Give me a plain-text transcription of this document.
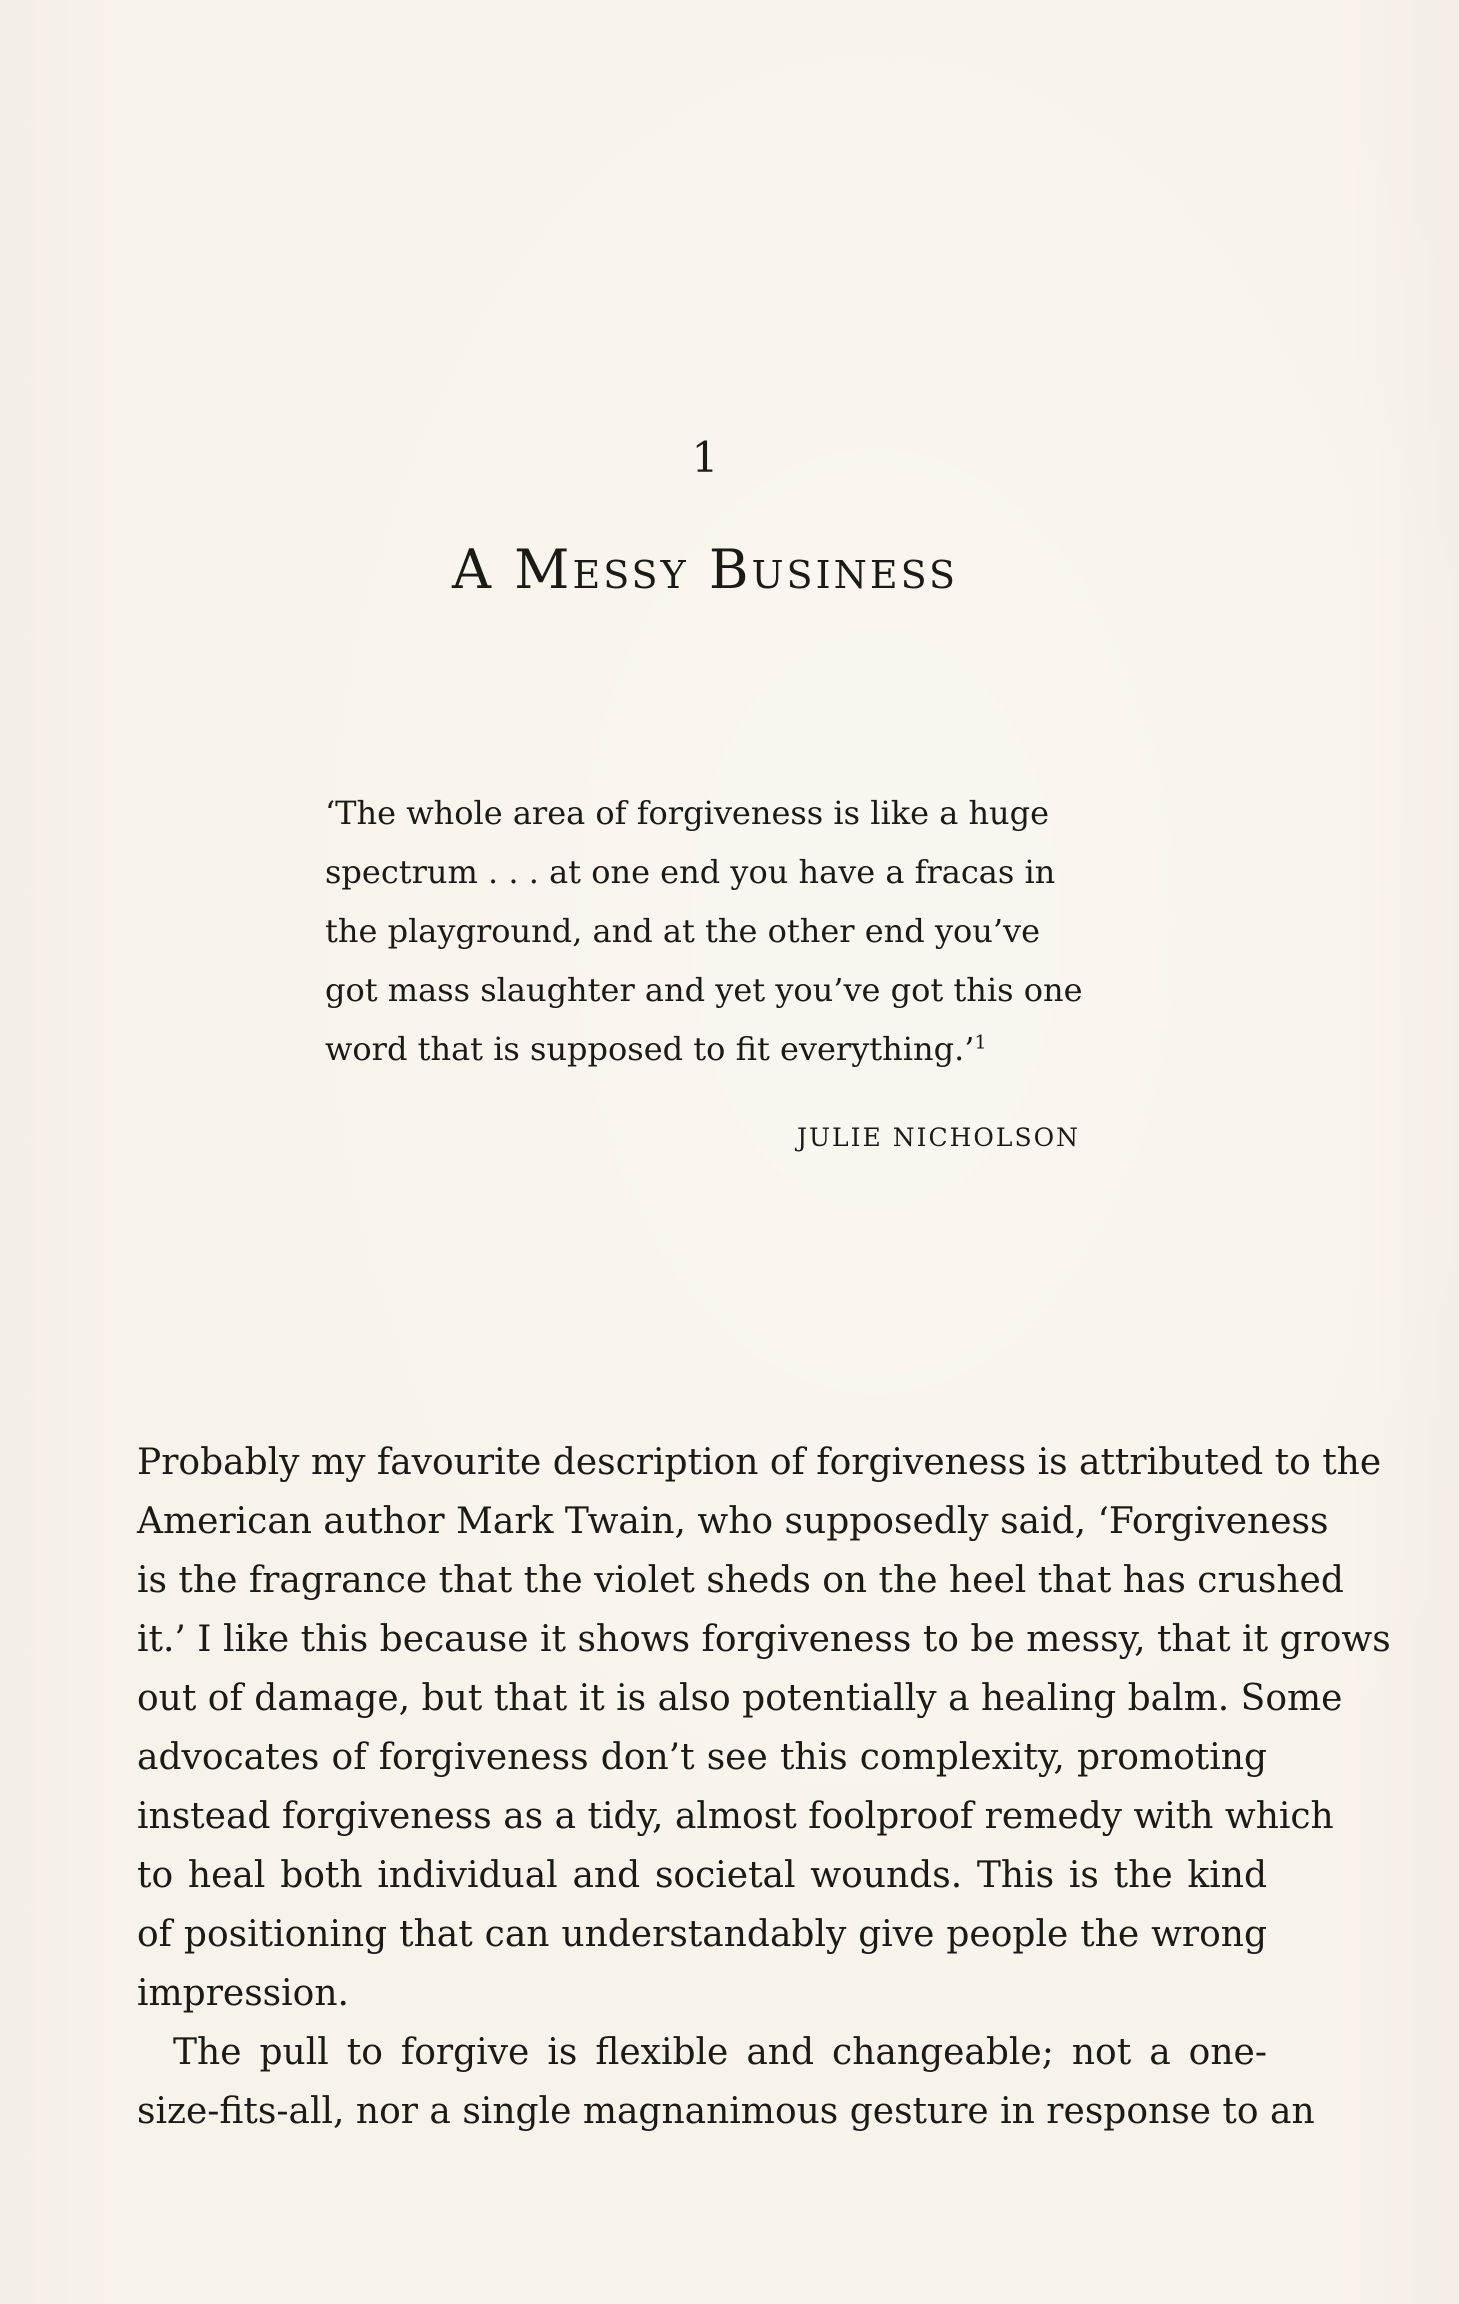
1
A Messy Business

‘The whole area of forgiveness is like a huge
spectrum . . . at one end you have a fracas in
the playground, and at the other end you’ve
got mass slaughter and yet you’ve got this one
word that is supposed to fit everything.’$^1$

JULIE NICHOLSON
Probably my favourite description of forgiveness is attributed to the
American author Mark Twain, who supposedly said, ‘Forgiveness
is the fragrance that the violet sheds on the heel that has crushed
it.’ I like this because it shows forgiveness to be messy, that it grows
out of damage, but that it is also potentially a healing balm. Some
advocates of forgiveness don’t see this complexity, promoting
instead forgiveness as a tidy, almost foolproof remedy with which
to heal both individual and societal wounds. This is the kind
of positioning that can understandably give people the wrong
impression.
The pull to forgive is flexible and changeable; not a one-
size-fits-all, nor a single magnanimous gesture in response to an
